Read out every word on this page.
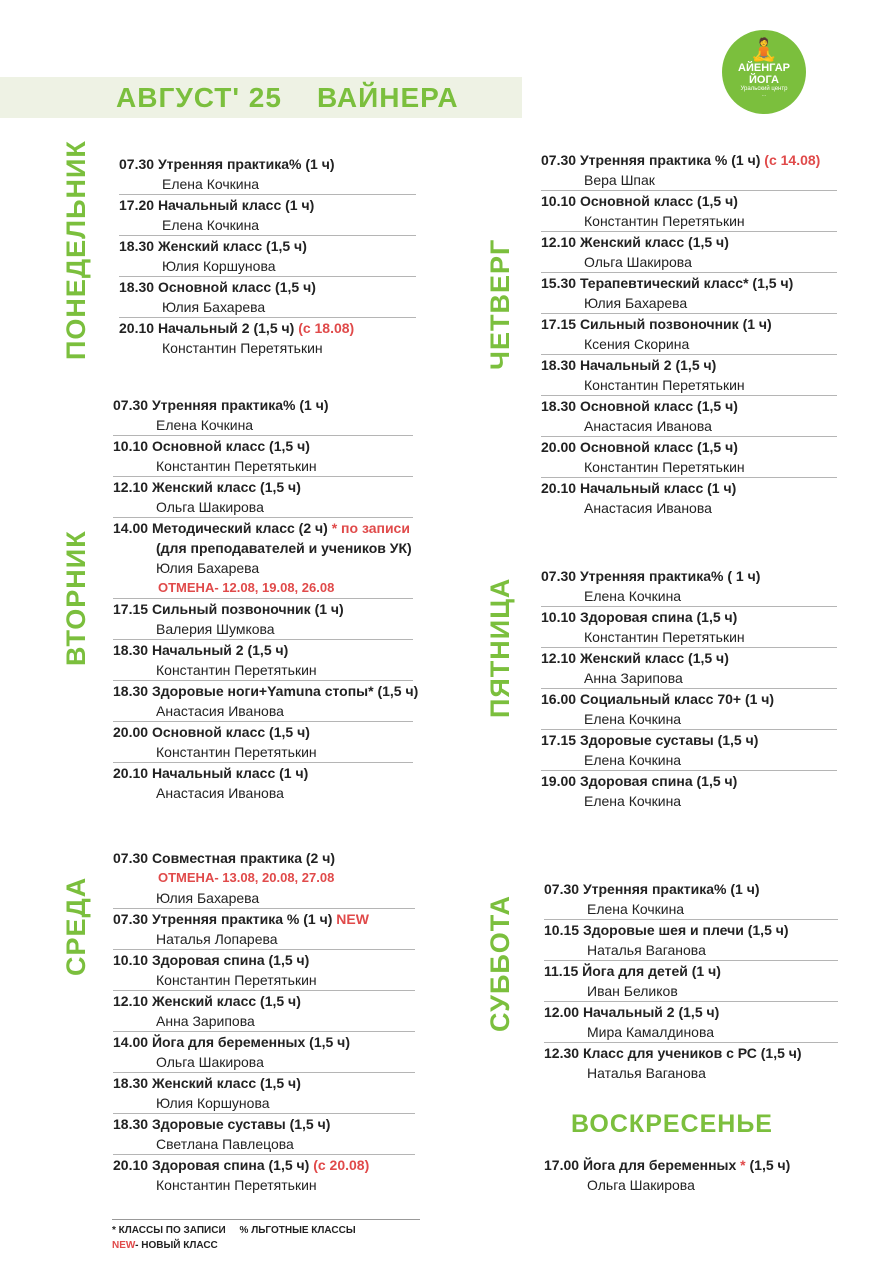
АВГУСТ' 25    ВАЙНЕРА
🧘
АЙЕНГАР ЙОГА
Уральский центр
···
ПОНЕДЕЛЬНИК
ВТОРНИК
СРЕДА
ЧЕТВЕРГ
ПЯТНИЦА
СУББОТА
07.30 Утренняя практика% (1 ч)
Елена Кочкина
17.20 Начальный класс (1 ч)
Елена Кочкина
18.30 Женский класс (1,5 ч)
Юлия Коршунова
18.30 Основной класс (1,5 ч)
Юлия Бахарева
20.10 Начальный 2 (1,5 ч) (с 18.08)
Константин Перетятькин
07.30 Утренняя практика% (1 ч)
Елена Кочкина
10.10 Основной класс (1,5 ч)
Константин Перетятькин
12.10 Женский класс (1,5 ч)
Ольга Шакирова
14.00 Методический класс (2 ч) * по записи
(для преподавателей и учеников УК)
Юлия Бахарева
ОТМЕНА- 12.08, 19.08, 26.08
17.15 Сильный позвоночник (1 ч)
Валерия Шумкова
18.30 Начальный 2 (1,5 ч)
Константин Перетятькин
18.30 Здоровые ноги+Yamuna стопы* (1,5 ч)
Анастасия Иванова
20.00 Основной класс (1,5 ч)
Константин Перетятькин
20.10 Начальный класс (1 ч)
Анастасия Иванова
07.30 Совместная практика (2 ч)
ОТМЕНА- 13.08, 20.08, 27.08
Юлия Бахарева
07.30 Утренняя практика % (1 ч) NEW
Наталья Лопарева
10.10 Здоровая спина (1,5 ч)
Константин Перетятькин
12.10 Женский класс (1,5 ч)
Анна Зарипова
14.00 Йога для беременных (1,5 ч)
Ольга Шакирова
18.30 Женский класс (1,5 ч)
Юлия Коршунова
18.30 Здоровые суставы (1,5 ч)
Светлана Павлецова
20.10 Здоровая спина (1,5 ч) (с 20.08)
Константин Перетятькин
07.30 Утренняя практика % (1 ч) (с 14.08)
Вера Шпак
10.10 Основной класс (1,5 ч)
Константин Перетятькин
12.10 Женский класс (1,5 ч)
Ольга Шакирова
15.30 Терапевтический класс* (1,5 ч)
Юлия Бахарева
17.15 Сильный позвоночник (1 ч)
Ксения Скорина
18.30 Начальный 2 (1,5 ч)
Константин Перетятькин
18.30 Основной класс (1,5 ч)
Анастасия Иванова
20.00 Основной класс (1,5 ч)
Константин Перетятькин
20.10 Начальный класс (1 ч)
Анастасия Иванова
07.30 Утренняя практика% ( 1 ч)
Елена Кочкина
10.10 Здоровая спина (1,5 ч)
Константин Перетятькин
12.10 Женский класс (1,5 ч)
Анна Зарипова
16.00 Социальный класс 70+ (1 ч)
Елена Кочкина
17.15 Здоровые суставы (1,5 ч)
Елена Кочкина
19.00 Здоровая спина (1,5 ч)
Елена Кочкина
07.30 Утренняя практика% (1 ч)
Елена Кочкина
10.15 Здоровые шея и плечи (1,5 ч)
Наталья Ваганова
11.15 Йога для детей (1 ч)
Иван Беликов
12.00 Начальный 2 (1,5 ч)
Мира Камалдинова
12.30 Класс для учеников с РС (1,5 ч)
Наталья Ваганова
ВОСКРЕСЕНЬЕ
17.00 Йога для беременных * (1,5 ч)
Ольга Шакирова
* КЛАССЫ ПО ЗАПИСИ     % ЛЬГОТНЫЕ КЛАССЫ
NEW- НОВЫЙ КЛАСС
